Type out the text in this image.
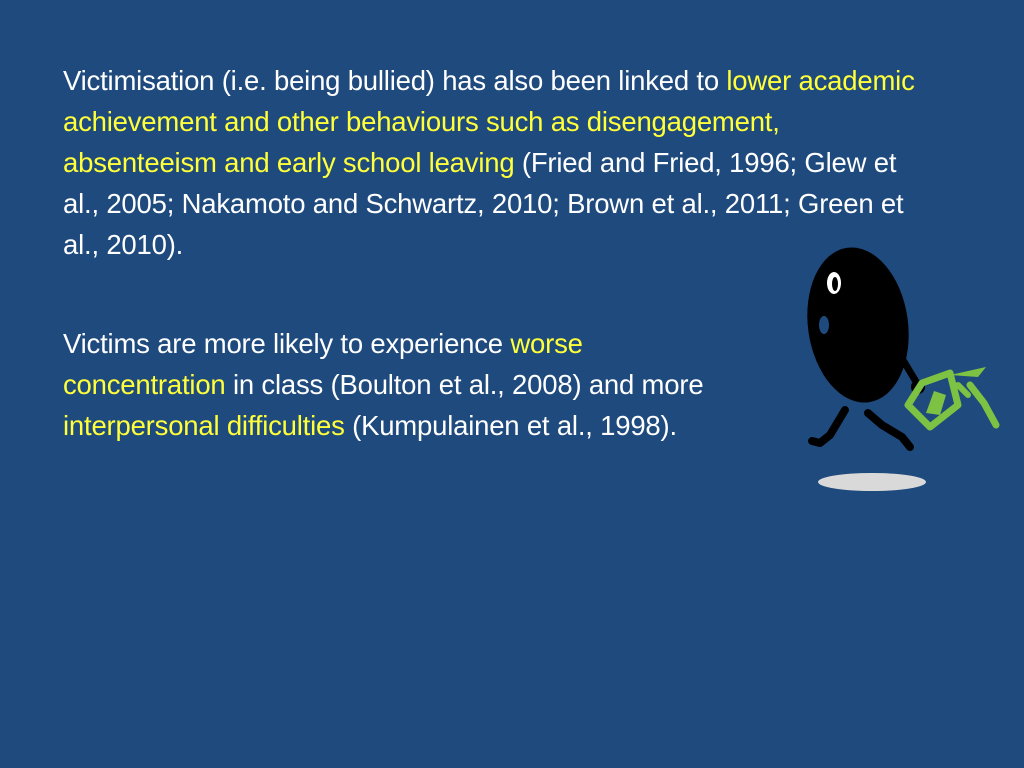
Victimisation (i.e. being bullied) has also been linked to lower academic achievement and other behaviours such as disengagement, absenteeism and early school leaving (Fried and Fried, 1996; Glew et al., 2005; Nakamoto and Schwartz, 2010; Brown et al., 2011; Green et al., 2010).

Victims are more likely to experience worse concentration in class (Boulton et al., 2008) and more interpersonal difficulties (Kumpulainen et al., 1998).
